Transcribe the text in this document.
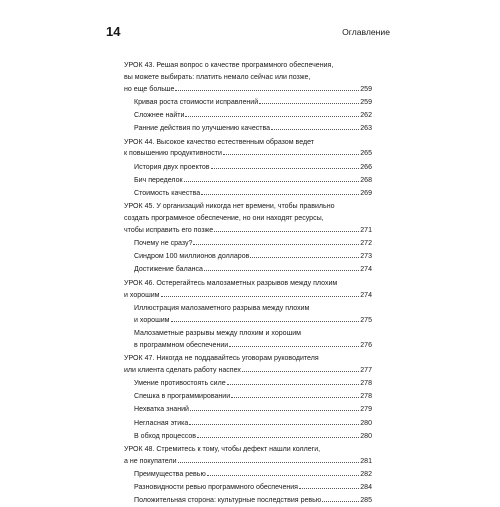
14	Оглавление
УРОК 43. Решая вопрос о качестве программного обеспечения,
вы можете выбирать: платить немало сейчас или позже,
но еще больше	259
Кривая роста стоимости исправлений	259
Сложнее найти	262
Ранние действия по улучшению качества	263
УРОК 44. Высокое качество естественным образом ведет
к повышению продуктивности	265
История двух проектов	266
Бич переделок	268
Стоимость качества	269
УРОК 45. У организаций никогда нет времени, чтобы правильно
создать программное обеспечение, но они находят ресурсы,
чтобы исправить его позже	271
Почему не сразу?	272
Синдром 100 миллионов долларов	273
Достижение баланса	274
УРОК 46. Остерегайтесь малозаметных разрывов между плохим
и хорошим	274
Иллюстрация малозаметного разрыва между плохим
и хорошим	275
Малозаметные разрывы между плохим и хорошим
в программном обеспечении	276
УРОК 47. Никогда не поддавайтесь уговорам руководителя
или клиента сделать работу наспех	277
Умение противостоять силе	278
Спешка в программировании	278
Нехватка знаний	279
Негласная этика	280
В обход процессов	280
УРОК 48. Стремитесь к тому, чтобы дефект нашли коллеги,
а не покупатели	281
Преимущества ревью	282
Разновидности ревью программного обеспечения	284
Положительная сторона: культурные последствия ревью	285
